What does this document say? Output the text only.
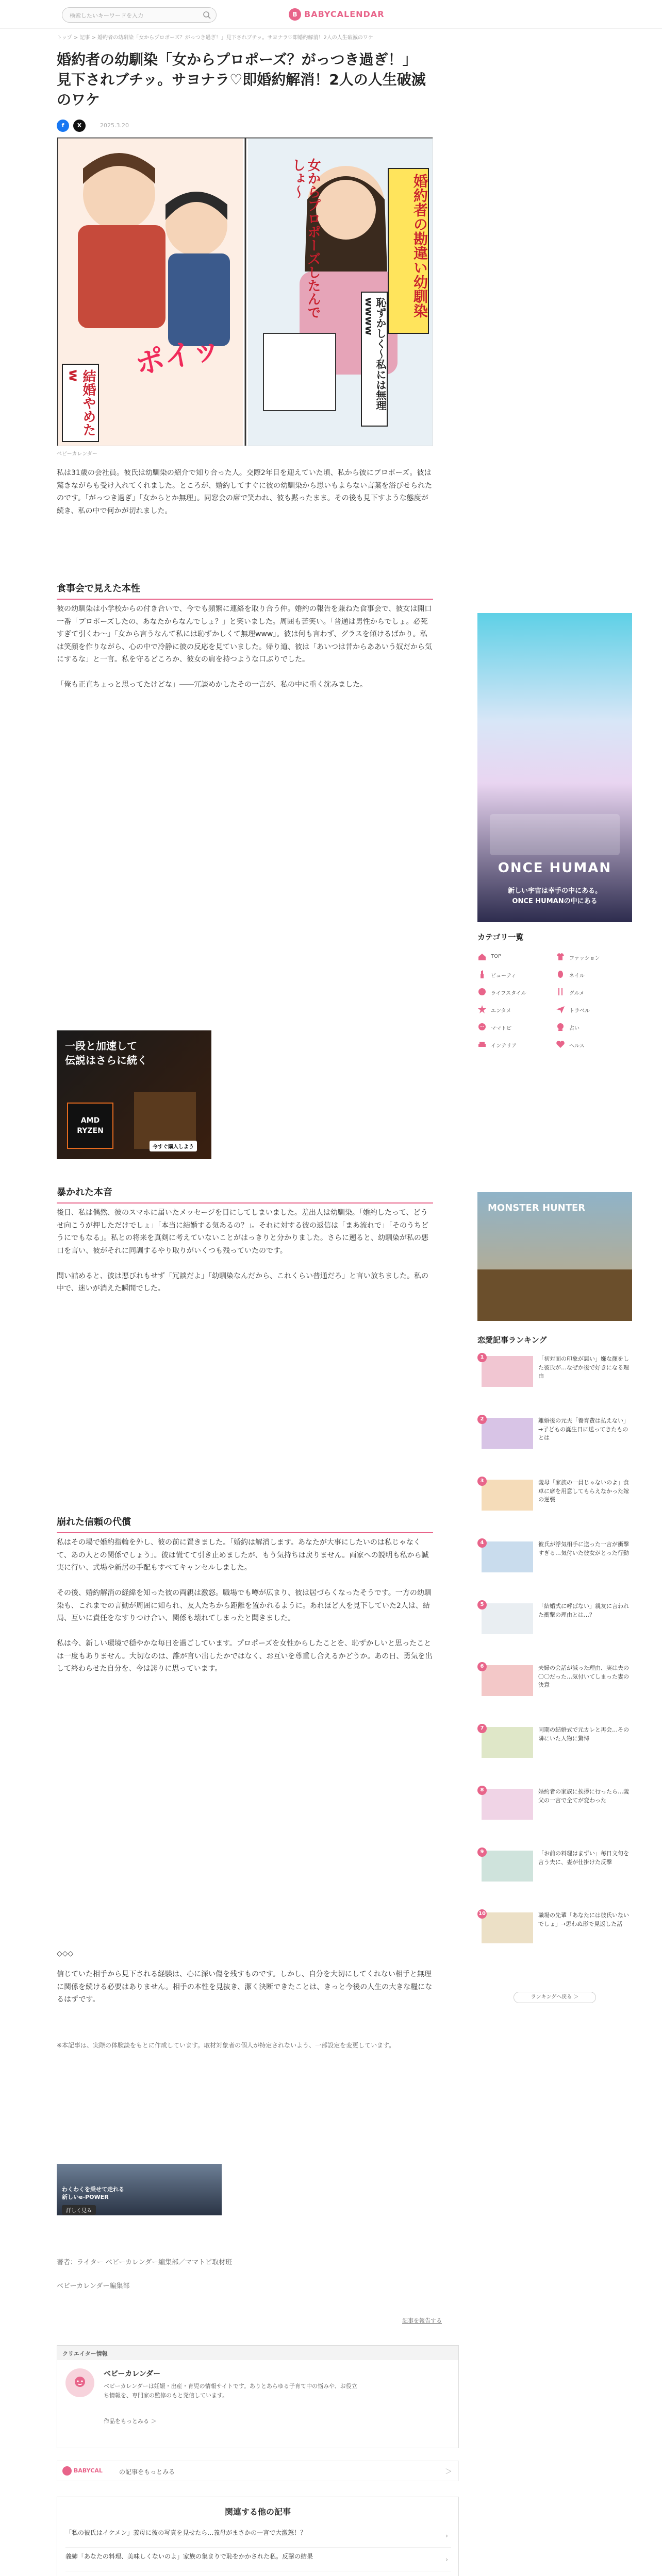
検索したいキーワードを入力	B BABYCALENDAR
トップ > 記事 > 婚約者の幼馴染「女からプロポーズ？がっつき過ぎ！」見下されブチッ。サヨナラ♡即婚約解消！2人の人生破滅のワケ
婚約者の幼馴染「女からプロポーズ？がっつき過ぎ！」見下されブチッ。サヨナラ♡即婚約解消！2人の人生破滅のワケ
f	X	2025.3.20
婚約者の勘違い幼馴染
女からプロポーズしたんでしょ～
恥ずかしく～私には無理wwww
結婚やめたw	ポイッ
ベビーカレンダー

私は31歳の会社員。彼氏は幼馴染の紹介で知り合った人。交際2年目を迎えていた頃、私から彼にプロポーズ。彼は驚きながらも受け入れてくれました。ところが、婚約してすぐに彼の幼馴染から思いもよらない言葉を浴びせられたのです。「がっつき過ぎ」「女からとか無理」。同窓会の席で笑われ、彼も黙ったまま。その後も見下すような態度が続き、私の中で何かが切れました。

食事会で見えた本性

彼の幼馴染は小学校からの付き合いで、今でも頻繁に連絡を取り合う仲。婚約の報告を兼ねた食事会で、彼女は開口一番「プロポーズしたの、あなたからなんでしょ？」と笑いました。周囲も苦笑い。「普通は男性からでしょ。必死すぎて引くわ～」「女から言うなんて私には恥ずかしくて無理www」。彼は何も言わず、グラスを傾けるばかり。私は笑顔を作りながら、心の中で冷静に彼の反応を見ていました。帰り道、彼は「あいつは昔からああいう奴だから気にするな」と一言。私を守るどころか、彼女の肩を持つような口ぶりでした。

「俺も正直ちょっと思ってたけどな」――冗談めかしたその一言が、私の中に重く沈みました。

一段と加速して
伝説はさらに続く
AMD
RYZEN
今すぐ購入しよう
暴かれた本音

後日、私は偶然、彼のスマホに届いたメッセージを目にしてしまいました。差出人は幼馴染。「婚約したって、どうせ向こうが押しただけでしょ」「本当に結婚する気あるの？」。それに対する彼の返信は「まあ流れで」「そのうちどうにでもなる」。私との将来を真剣に考えていないことがはっきりと分かりました。さらに遡ると、幼馴染が私の悪口を言い、彼がそれに同調するやり取りがいくつも残っていたのです。

問い詰めると、彼は悪びれもせず「冗談だよ」「幼馴染なんだから、これくらい普通だろ」と言い放ちました。私の中で、迷いが消えた瞬間でした。

崩れた信頼の代償

私はその場で婚約指輪を外し、彼の前に置きました。「婚約は解消します。あなたが大事にしたいのは私じゃなくて、あの人との関係でしょう」。彼は慌てて引き止めましたが、もう気持ちは戻りません。両家への説明も私から誠実に行い、式場や新居の手配もすべてキャンセルしました。

その後、婚約解消の経緯を知った彼の両親は激怒。職場でも噂が広まり、彼は居づらくなったそうです。一方の幼馴染も、これまでの言動が周囲に知られ、友人たちから距離を置かれるように。あれほど人を見下していた2人は、結局、互いに責任をなすりつけ合い、関係も壊れてしまったと聞きました。

私は今、新しい環境で穏やかな毎日を過ごしています。プロポーズを女性からしたことを、恥ずかしいと思ったことは一度もありません。大切なのは、誰が言い出したかではなく、お互いを尊重し合えるかどうか。あの日、勇気を出して終わらせた自分を、今は誇りに思っています。

◇◇◇

信じていた相手から見下される経験は、心に深い傷を残すものです。しかし、自分を大切にしてくれない相手と無理に関係を続ける必要はありません。相手の本性を見抜き、潔く決断できたことは、きっと今後の人生の大きな糧になるはずです。

※本記事は、実際の体験談をもとに作成しています。取材対象者の個人が特定されないよう、一部設定を変更しています。

わくわくを乗せて走れる
新しいe-POWER
詳しく見る
著者：ライター ベビーカレンダー編集部／ママトピ取材班
ベビーカレンダー編集部
記事を報告する
クリエイター情報
ベビーカレンダー
ベビーカレンダーは妊娠・出産・育児の情報サイトです。ありとあらゆる子育て中の悩みや、お役立ち情報を、専門家の監修のもと発信しています。
作品をもっとみる ＞
BABYCAL	の記事をもっとみる	＞
関連する他の記事
「私の彼氏はイケメン」義母に彼の写真を見せたら…義母がまさかの一言で大激怒！？	›
義姉「あなたの料理、美味しくないのよ」家族の集まりで恥をかかされた私。反撃の結果	›
ONCE HUMAN
新しい宇宙は幸手の中にある。
ONCE HUMANの中にある
カテゴリ一覧
TOP	ファッション
ビューティ	ネイル
ライフスタイル	グルメ
エンタメ	トラベル
ママトピ	占い
インテリア	ヘルス
MONSTER HUNTER
恋愛記事ランキング
1	「初対面の印象が悪い」嫌な顔をした彼氏が…なぜか後で好きになる理由
2	離婚後の元夫「養育費は払えない」→子どもの誕生日に送ってきたものとは
3	義母「家族の一員じゃないのよ」食卓に席を用意してもらえなかった嫁の逆襲
4	彼氏が浮気相手に送った一言が衝撃すぎる…気付いた彼女がとった行動
5	「結婚式に呼ばない」親友に言われた衝撃の理由とは…？
6	夫婦の会話が減った理由、実は夫の〇〇だった…気付いてしまった妻の決意
7	同期の結婚式で元カレと再会…その隣にいた人物に驚愕
8	婚約者の家族に挨拶に行ったら…義父の一言で全てが変わった
9	「お前の料理はまずい」毎日文句を言う夫に、妻が仕掛けた反撃
10	職場の先輩「あなたには彼氏いないでしょ」→思わぬ形で見返した話
ランキングへ戻る ＞
